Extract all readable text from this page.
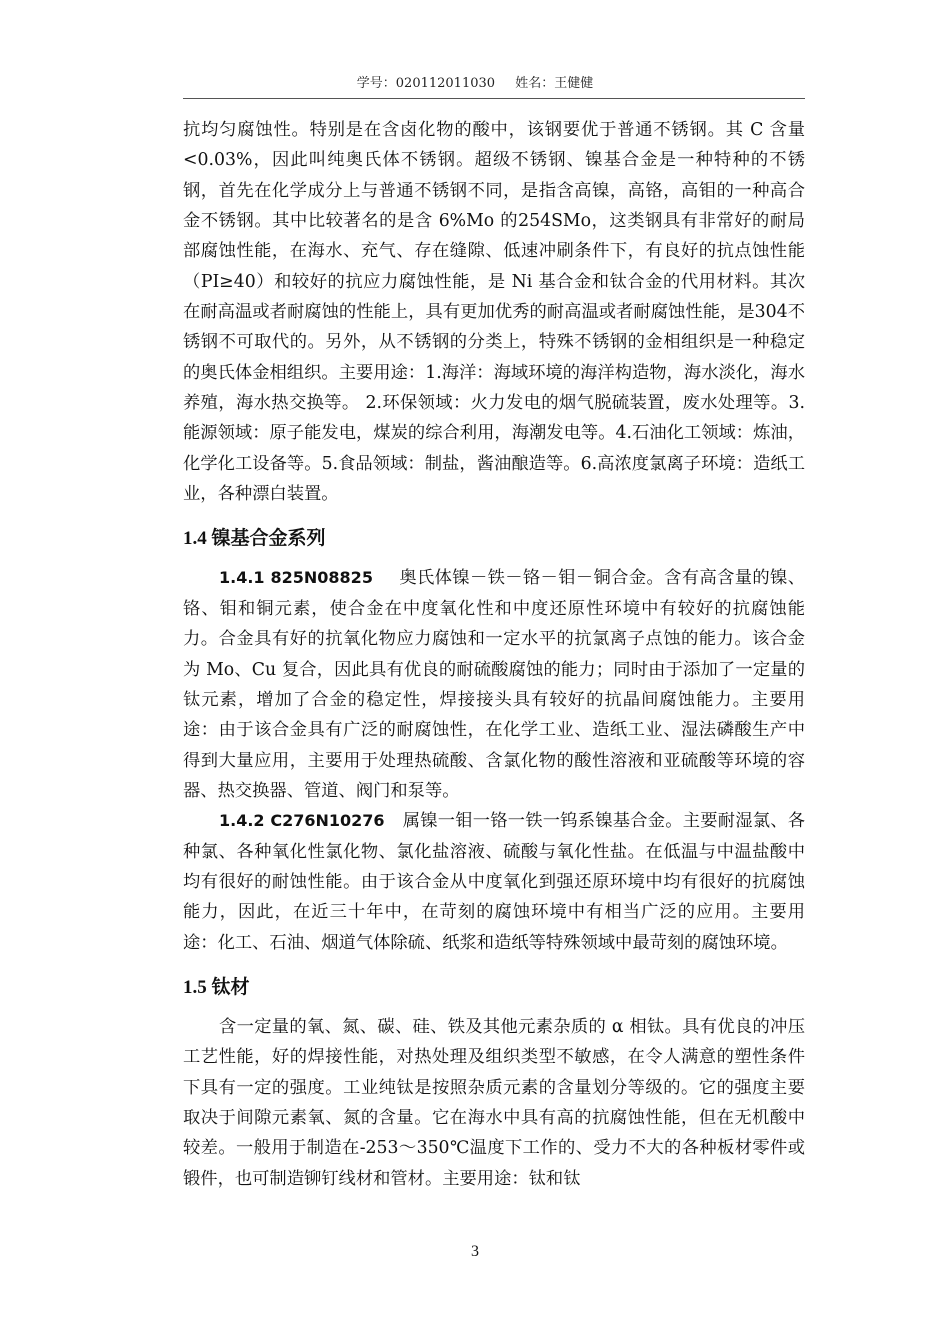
学号：020112011030 姓名：王健健

抗均匀腐蚀性。特别是在含卤化物的酸中，该钢要优于普通不锈钢。其 C 含量<0.03%，因此叫纯奥氏体不锈钢。超级不锈钢、镍基合金是一种特种的不锈钢，首先在化学成分上与普通不锈钢不同，是指含高镍，高铬，高钼的一种高合金不锈钢。其中比较著名的是含 6%Mo 的254SMo，这类钢具有非常好的耐局部腐蚀性能，在海水、充气、存在缝隙、低速冲刷条件下，有良好的抗点蚀性能（PI≥40）和较好的抗应力腐蚀性能，是 Ni 基合金和钛合金的代用材料。其次在耐高温或者耐腐蚀的性能上，具有更加优秀的耐高温或者耐腐蚀性能，是304不锈钢不可取代的。另外，从不锈钢的分类上，特殊不锈钢的金相组织是一种稳定的奥氏体金相组织。主要用途：1.海洋：海域环境的海洋构造物，海水淡化，海水养殖，海水热交换等。 2.环保领域：火力发电的烟气脱硫装置，废水处理等。3.能源领域：原子能发电，煤炭的综合利用，海潮发电等。4.石油化工领域：炼油，化学化工设备等。5.食品领域：制盐，酱油酿造等。6.高浓度氯离子环境：造纸工业，各种漂白装置。

1.4 镍基合金系列

1.4.1 825N08825 奥氏体镍－铁－铬－钼－铜合金。含有高含量的镍、铬、钼和铜元素，使合金在中度氧化性和中度还原性环境中有较好的抗腐蚀能力。合金具有好的抗氧化物应力腐蚀和一定水平的抗氯离子点蚀的能力。该合金为 Mo、Cu 复合，因此具有优良的耐硫酸腐蚀的能力；同时由于添加了一定量的钛元素，增加了合金的稳定性，焊接接头具有较好的抗晶间腐蚀能力。主要用途：由于该合金具有广泛的耐腐蚀性，在化学工业、造纸工业、湿法磷酸生产中得到大量应用，主要用于处理热硫酸、含氯化物的酸性溶液和亚硫酸等环境的容器、热交换器、管道、阀门和泵等。

1.4.2 C276N10276 属镍一钼一铬一铁一钨系镍基合金。主要耐湿氯、各种氯、各种氧化性氯化物、氯化盐溶液、硫酸与氧化性盐。在低温与中温盐酸中均有很好的耐蚀性能。由于该合金从中度氧化到强还原环境中均有很好的抗腐蚀能力，因此，在近三十年中，在苛刻的腐蚀环境中有相当广泛的应用。主要用途：化工、石油、烟道气体除硫、纸浆和造纸等特殊领域中最苛刻的腐蚀环境。

1.5 钛材

含一定量的氧、氮、碳、硅、铁及其他元素杂质的 α 相钛。具有优良的冲压工艺性能，好的焊接性能，对热处理及组织类型不敏感，在令人满意的塑性条件下具有一定的强度。工业纯钛是按照杂质元素的含量划分等级的。它的强度主要取决于间隙元素氧、氮的含量。它在海水中具有高的抗腐蚀性能，但在无机酸中较差。一般用于制造在-253～350℃温度下工作的、受力不大的各种板材零件或锻件，也可制造铆钉线材和管材。主要用途：钛和钛

3
